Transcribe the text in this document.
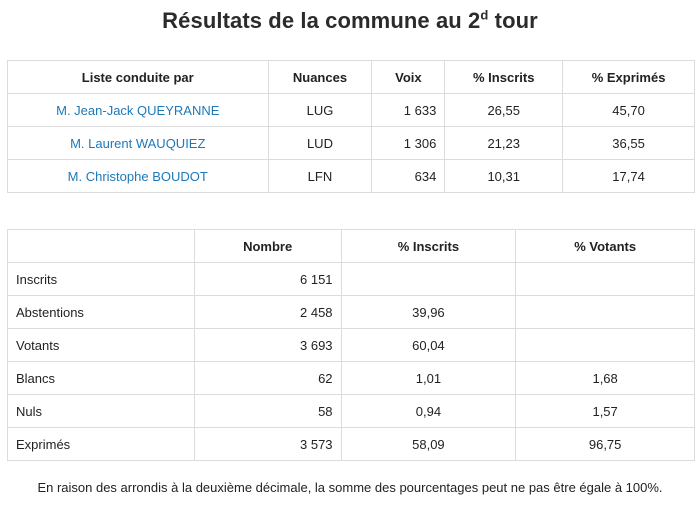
Résultats de la commune au 2$^d$ tour
Liste conduite par	Nuances	Voix	% Inscrits	% Exprimés
M. Jean-Jack QUEYRANNE	LUG	1 633	26,55	45,70
M. Laurent WAUQUIEZ	LUD	1 306	21,23	36,55
M. Christophe BOUDOT	LFN	634	10,31	17,74
	Nombre	% Inscrits	% Votants
Inscrits	6 151		
Abstentions	2 458	39,96	
Votants	3 693	60,04	
Blancs	62	1,01	1,68
Nuls	58	0,94	1,57
Exprimés	3 573	58,09	96,75
En raison des arrondis à la deuxième décimale, la somme des pourcentages peut ne pas être égale à 100%.
